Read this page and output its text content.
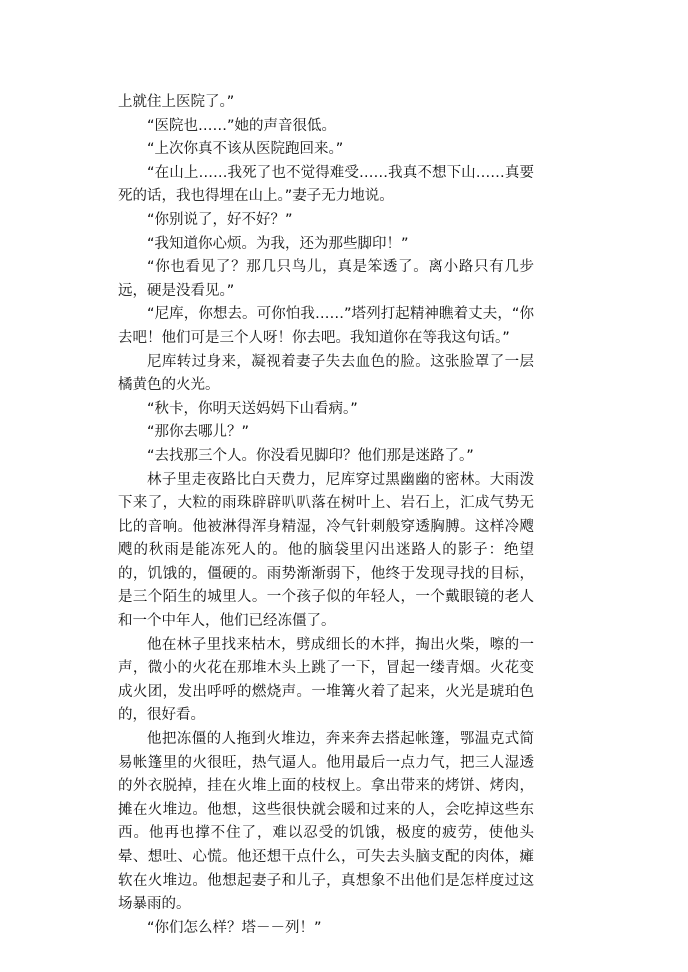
上就住上医院了。”

“医院也……”她的声音很低。

“上次你真不该从医院跑回来。”

“在山上……我死了也不觉得难受……我真不想下山……真要死的话，我也得埋在山上。”妻子无力地说。

“你别说了，好不好？”

“我知道你心烦。为我，还为那些脚印！”

“你也看见了？那几只鸟儿，真是笨透了。离小路只有几步远，硬是没看见。”

“尼库，你想去。可你怕我……”塔列打起精神瞧着丈夫，“你去吧！他们可是三个人呀！你去吧。我知道你在等我这句话。”

尼库转过身来，凝视着妻子失去血色的脸。这张脸罩了一层橘黄色的火光。

“秋卡，你明天送妈妈下山看病。”

“那你去哪儿？”

“去找那三个人。你没看见脚印？他们那是迷路了。”

林子里走夜路比白天费力，尼库穿过黑幽幽的密林。大雨泼下来了，大粒的雨珠辟辟叭叭落在树叶上、岩石上，汇成气势无比的音响。他被淋得浑身精湿，冷气针刺般穿透胸膊。这样冷飕飕的秋雨是能冻死人的。他的脑袋里闪出迷路人的影子：绝望的，饥饿的，僵硬的。雨势渐渐弱下，他终于发现寻找的目标，是三个陌生的城里人。一个孩子似的年轻人，一个戴眼镜的老人和一个中年人，他们已经冻僵了。

他在林子里找来枯木，劈成细长的木拌，掏出火柴，嚓的一声，微小的火花在那堆木头上跳了一下，冒起一缕青烟。火花变成火团，发出呼呼的燃烧声。一堆篝火着了起来，火光是琥珀色的，很好看。

他把冻僵的人拖到火堆边，奔来奔去搭起帐篷，鄂温克式简易帐篷里的火很旺，热气逼人。他用最后一点力气，把三人湿透的外衣脱掉，挂在火堆上面的枝杈上。拿出带来的烤饼、烤肉，摊在火堆边。他想，这些很快就会暖和过来的人，会吃掉这些东西。他再也撑不住了，难以忍受的饥饿，极度的疲劳，使他头晕、想吐、心慌。他还想干点什么，可失去头脑支配的肉体，瘫软在火堆边。他想起妻子和儿子，真想象不出他们是怎样度过这场暴雨的。

“你们怎么样？塔－－列！”
